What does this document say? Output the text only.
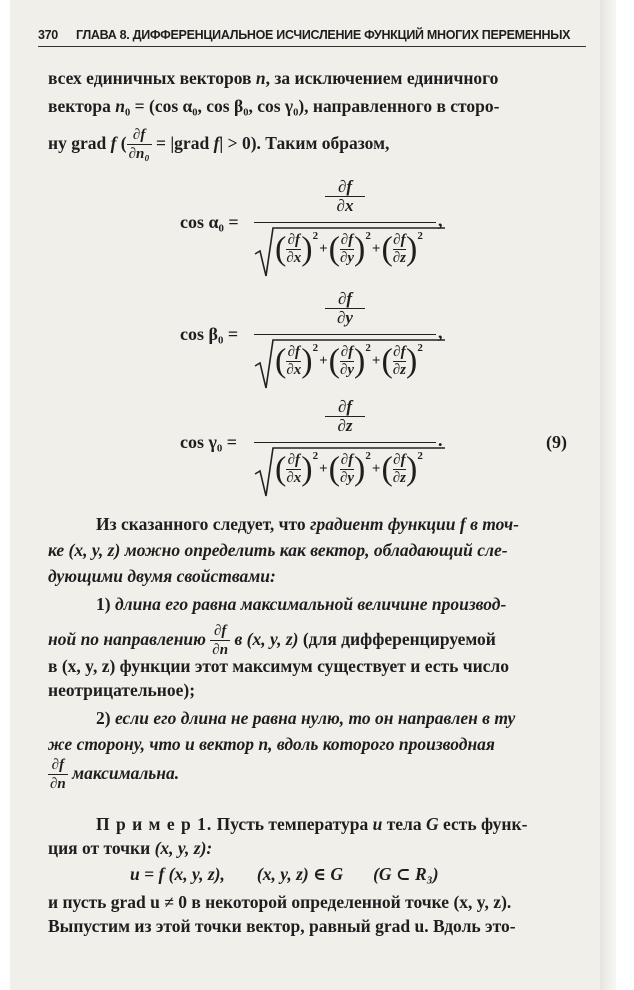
370 ГЛАВА 8. ДИФФЕРЕНЦИАЛЬНОЕ ИСЧИСЛЕНИЕ ФУНКЦИЙ МНОГИХ ПЕРЕМЕННЫХ
всех единичных векторов n, за исключением единичного
вектора n₀ = (cos α₀, cos β₀, cos γ₀), направленного в сторо-
ну grad f ( $\frac{\partial f}{\text{∂n₀}}$ = |grad f| > 0). Таким образом,
cos α₀ =
∂f
∂x
$(\frac{\partial f}{\partial x} )^2+(\frac{\partial f}{\partial y} )^2+(\frac{\partial f}{\partial z} )^2$
,
cos β₀ =
∂f
∂y
$(\frac{\partial f}{\partial x} )^2+(\frac{\partial f}{\partial y} )^2+(\frac{\partial f}{\partial z} )^2$
,
cos γ₀ =
∂f
∂z
$(\frac{\partial f}{\partial x} )^2+(\frac{\partial f}{\partial y} )^2+(\frac{\partial f}{\partial z} )^2$
.	(9)
Из сказанного следует, что градиент функции f в точ-
ке (x, y, z) можно определить как вектор, обладающий сле-
дующими двумя свойствами:
1) длина его равна максимальной величине производ-
ной по направлению $\frac{\partial f}{\partial n}$ в (x, y, z) (для дифференцируемой
в (x, y, z) функции этот максимум существует и есть число
неотрицательное);
2) если его длина не равна нулю, то он направлен в ту
же сторону, что и вектор n, вдоль которого производная
$\frac{\partial f}{\partial n}$ максимальна.
П р и м е р 1. Пусть температура u тела G есть функ-
ция от точки (x, y, z):
u = f (x, y, z), (x, y, z) ∈ G (G ⊂ R₃)
и пусть grad u ≠ 0 в некоторой определенной точке (x, y, z).
Выпустим из этой точки вектор, равный grad u. Вдоль это-
